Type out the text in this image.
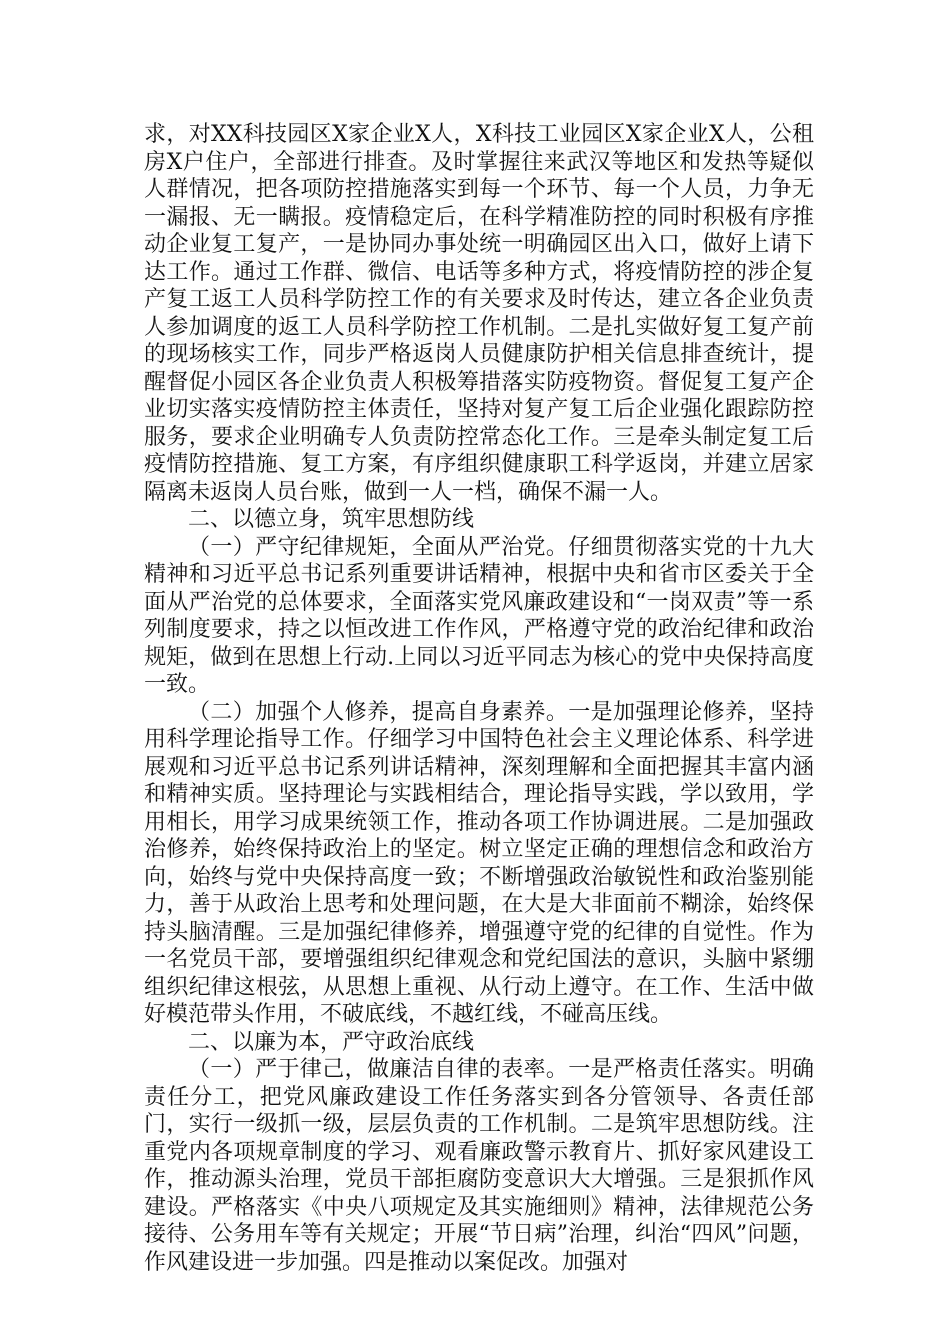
求，对XX科技园区X家企业X人，X科技工业园区X家企业X人，公租房X户住户，全部进行排查。及时掌握往来武汉等地区和发热等疑似人群情况，把各项防控措施落实到每一个环节、每一个人员，力争无一漏报、无一瞒报。疫情稳定后，在科学精准防控的同时积极有序推动企业复工复产，一是协同办事处统一明确园区出入口，做好上请下达工作。通过工作群、微信、电话等多种方式，将疫情防控的涉企复产复工返工人员科学防控工作的有关要求及时传达，建立各企业负责人参加调度的返工人员科学防控工作机制。二是扎实做好复工复产前的现场核实工作，同步严格返岗人员健康防护相关信息排查统计，提醒督促小园区各企业负责人积极筹措落实防疫物资。督促复工复产企业切实落实疫情防控主体责任，坚持对复产复工后企业强化跟踪防控服务，要求企业明确专人负责防控常态化工作。三是牵头制定复工后疫情防控措施、复工方案，有序组织健康职工科学返岗，并建立居家隔离未返岗人员台账，做到一人一档，确保不漏一人。

二、以德立身，筑牢思想防线

（一）严守纪律规矩，全面从严治党。仔细贯彻落实党的十九大精神和习近平总书记系列重要讲话精神，根据中央和省市区委关于全面从严治党的总体要求，全面落实党风廉政建设和“一岗双责”等一系列制度要求，持之以恒改进工作作风，严格遵守党的政治纪律和政治规矩，做到在思想上行动.上同以习近平同志为核心的党中央保持高度一致。

（二）加强个人修养，提高自身素养。一是加强理论修养，坚持用科学理论指导工作。仔细学习中国特色社会主义理论体系、科学进展观和习近平总书记系列讲话精神，深刻理解和全面把握其丰富内涵和精神实质。坚持理论与实践相结合，理论指导实践，学以致用，学用相长，用学习成果统领工作，推动各项工作协调进展。二是加强政治修养，始终保持政治上的坚定。树立坚定正确的理想信念和政治方向，始终与党中央保持高度一致；不断增强政治敏锐性和政治鉴别能力，善于从政治上思考和处理问题，在大是大非面前不糊涂，始终保持头脑清醒。三是加强纪律修养，增强遵守党的纪律的自觉性。作为一名党员干部，要增强组织纪律观念和党纪国法的意识，头脑中紧绷组织纪律这根弦，从思想上重视、从行动上遵守。在工作、生活中做好模范带头作用，不破底线，不越红线，不碰高压线。

二、以廉为本，严守政治底线

（一）严于律己，做廉洁自律的表率。一是严格责任落实。明确责任分工，把党风廉政建设工作任务落实到各分管领导、各责任部门，实行一级抓一级，层层负责的工作机制。二是筑牢思想防线。注重党内各项规章制度的学习、观看廉政警示教育片、抓好家风建设工作，推动源头治理，党员干部拒腐防变意识大大增强。三是狠抓作风建设。严格落实《中央八项规定及其实施细则》精神，法律规范公务接待、公务用车等有关规定；开展“节日病”治理，纠治“四风”问题，作风建设进一步加强。四是推动以案促改。加强对
